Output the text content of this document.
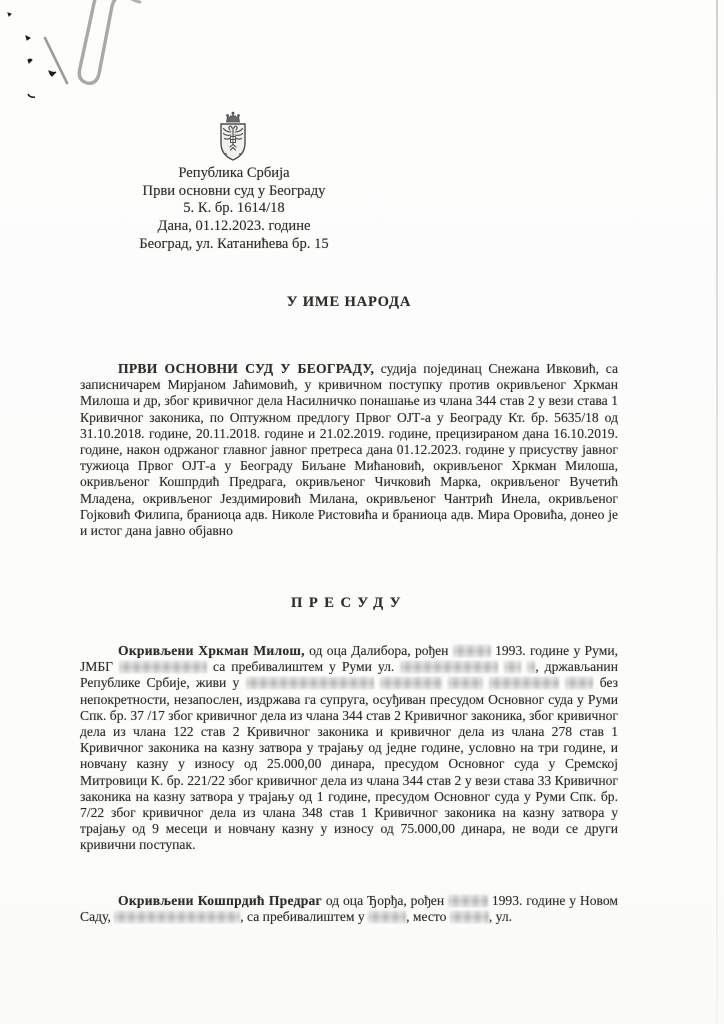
Република Србија
Први основни суд у Београду
5. К. бр. 1614/18
Дана, 01.12.2023. године
Београд, ул. Катанићева бр. 15
У ИМЕ НАРОДА
ПРВИ ОСНОВНИ СУД У БЕОГРАДУ, судија појединац Снежана Ивковић, са записничарем Мирјаном Јаћимовић, у кривичном поступку против окривљеног Хркман Милоша и др, због кривичног дела Насилничко понашање из члана 344 став 2 у вези става 1 Кривичног законика, по Оптужном предлогу Првог ОЈТ-а у Београду Кт. бр. 5635/18 од 31.10.2018. године, 20.11.2018. године и 21.02.2019. године, прецизираном дана 16.10.2019. године, након одржаног главног јавног претреса дана 01.12.2023. године у присуству јавног тужиоца Првог ОЈТ-а у Београду Биљане Мићановић, окривљеног Хркман Милоша, окривљеног Кошпрдић Предрага, окривљеног Чичковић Марка, окривљеног Вучетић Младена, окривљеног Јездимировић Милана, окривљеног Чантрић Инела, окривљеног Гојковић Филипа, браниоца адв. Николе Ристовића и браниоца адв. Мира Оровића, донео је и истог дана јавно објавно
ПРЕСУДУ
Окривљени Хркман Милош, од оца Далибора, рођен	1993. године у Руми, ЈМБГ	са пребивалиштем у Руми ул.	, држављанин Републике Србије, живи у	без непокретности, незапослен, издржава га супруга, осуђиван пресудом Основног суда у Руми Спк. бр. 37 /17 због кривичног дела из члана 344 став 2 Кривичног законика, због кривичног дела из члана 122 став 2 Кривичног законика и кривичног дела из члана 278 став 1 Кривичног законика на казну затвора у трајању од једне године, условно на три године, и новчану казну у износу од 25.000,00 динара, пресудом Основног суда у Сремској Митровици К. бр. 221/22 због кривичног дела из члана 344 став 2 у вези става 33 Кривичног законика на казну затвора у трајању од 1 године, пресудом Основног суда у Руми Спк. бр. 7/22 због кривичног дела из члана 348 став 1 Кривичног законика на казну затвора у трајању од 9 месеци и новчану казну у износу од 75.000,00 динара, не води се други кривични поступак.
Окривљени Кошпрдић Предраг од оца Ђорђа, рођен	1993. године у Новом Саду,	, са пребивалиштем у	, место	, ул.
